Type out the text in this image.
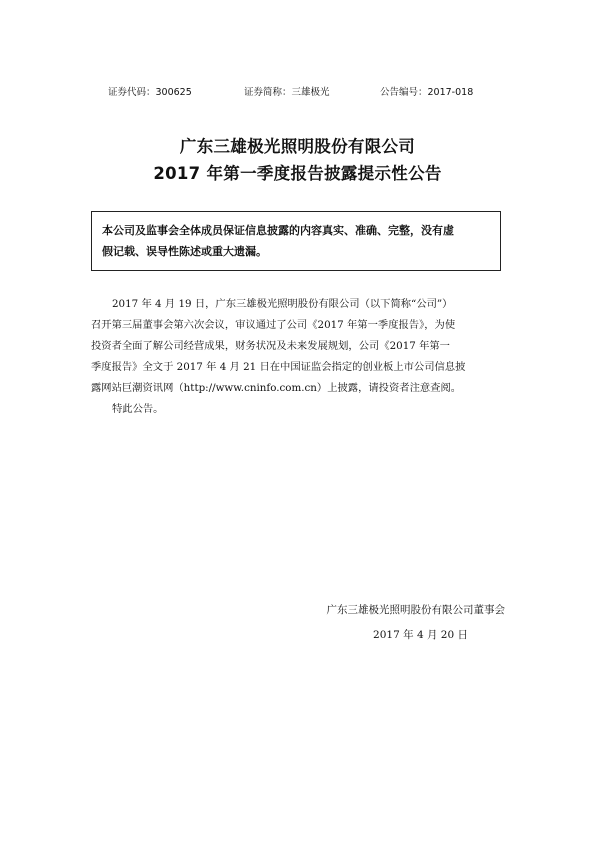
证券代码：300625	证券简称：三雄极光	公告编号：2017-018
广东三雄极光照明股份有限公司
2017 年第一季度报告披露提示性公告
本公司及监事会全体成员保证信息披露的内容真实、准确、完整，没有虚
假记载、误导性陈述或重大遗漏。

2017 年 4 月 19 日，广东三雄极光照明股份有限公司（以下简称“公司”）

召开第三届董事会第六次会议，审议通过了公司《2017 年第一季度报告》，为使

投资者全面了解公司经营成果，财务状况及未来发展规划，公司《2017 年第一

季度报告》全文于 2017 年 4 月 21 日在中国证监会指定的创业板上市公司信息披

露网站巨潮资讯网（http://www.cninfo.com.cn）上披露，请投资者注意查阅。

特此公告。

广东三雄极光照明股份有限公司董事会
2017 年 4 月 20 日
